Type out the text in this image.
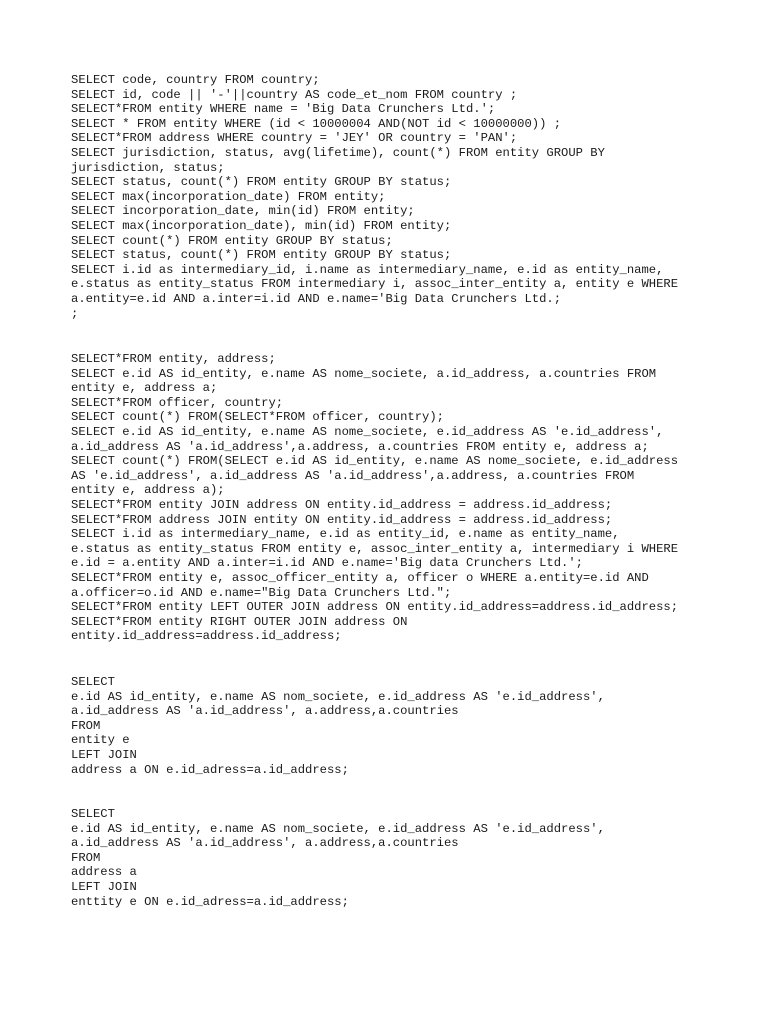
SELECT code, country FROM country;
SELECT id, code || '-'||country AS code_et_nom FROM country ;
SELECT*FROM entity WHERE name = 'Big Data Crunchers Ltd.';
SELECT * FROM entity WHERE (id < 10000004 AND(NOT id < 10000000)) ;
SELECT*FROM address WHERE country = 'JEY' OR country = 'PAN';
SELECT jurisdiction, status, avg(lifetime), count(*) FROM entity GROUP BY
jurisdiction, status;
SELECT status, count(*) FROM entity GROUP BY status;
SELECT max(incorporation_date) FROM entity;
SELECT incorporation_date, min(id) FROM entity;
SELECT max(incorporation_date), min(id) FROM entity;
SELECT count(*) FROM entity GROUP BY status;
SELECT status, count(*) FROM entity GROUP BY status;
SELECT i.id as intermediary_id, i.name as intermediary_name, e.id as entity_name,
e.status as entity_status FROM intermediary i, assoc_inter_entity a, entity e WHERE
a.entity=e.id AND a.inter=i.id AND e.name='Big Data Crunchers Ltd.;
;
SELECT*FROM entity, address;
SELECT e.id AS id_entity, e.name AS nome_societe, a.id_address, a.countries FROM
entity e, address a;
SELECT*FROM officer, country;
SELECT count(*) FROM(SELECT*FROM officer, country);
SELECT e.id AS id_entity, e.name AS nome_societe, e.id_address AS 'e.id_address',
a.id_address AS 'a.id_address',a.address, a.countries FROM entity e, address a;
SELECT count(*) FROM(SELECT e.id AS id_entity, e.name AS nome_societe, e.id_address
AS 'e.id_address', a.id_address AS 'a.id_address',a.address, a.countries FROM
entity e, address a);
SELECT*FROM entity JOIN address ON entity.id_address = address.id_address;
SELECT*FROM address JOIN entity ON entity.id_address = address.id_address;
SELECT i.id as intermediary_name, e.id as entity_id, e.name as entity_name,
e.status as entity_status FROM entity e, assoc_inter_entity a, intermediary i WHERE
e.id = a.entity AND a.inter=i.id AND e.name='Big data Crunchers Ltd.';
SELECT*FROM entity e, assoc_officer_entity a, officer o WHERE a.entity=e.id AND
a.officer=o.id AND e.name="Big Data Crunchers Ltd.";
SELECT*FROM entity LEFT OUTER JOIN address ON entity.id_address=address.id_address;
SELECT*FROM entity RIGHT OUTER JOIN address ON
entity.id_address=address.id_address;
SELECT
e.id AS id_entity, e.name AS nom_societe, e.id_address AS 'e.id_address',
a.id_address AS 'a.id_address', a.address,a.countries
FROM
entity e
LEFT JOIN
address a ON e.id_adress=a.id_address;
SELECT
e.id AS id_entity, e.name AS nom_societe, e.id_address AS 'e.id_address',
a.id_address AS 'a.id_address', a.address,a.countries
FROM
address a
LEFT JOIN
enttity e ON e.id_adress=a.id_address;
